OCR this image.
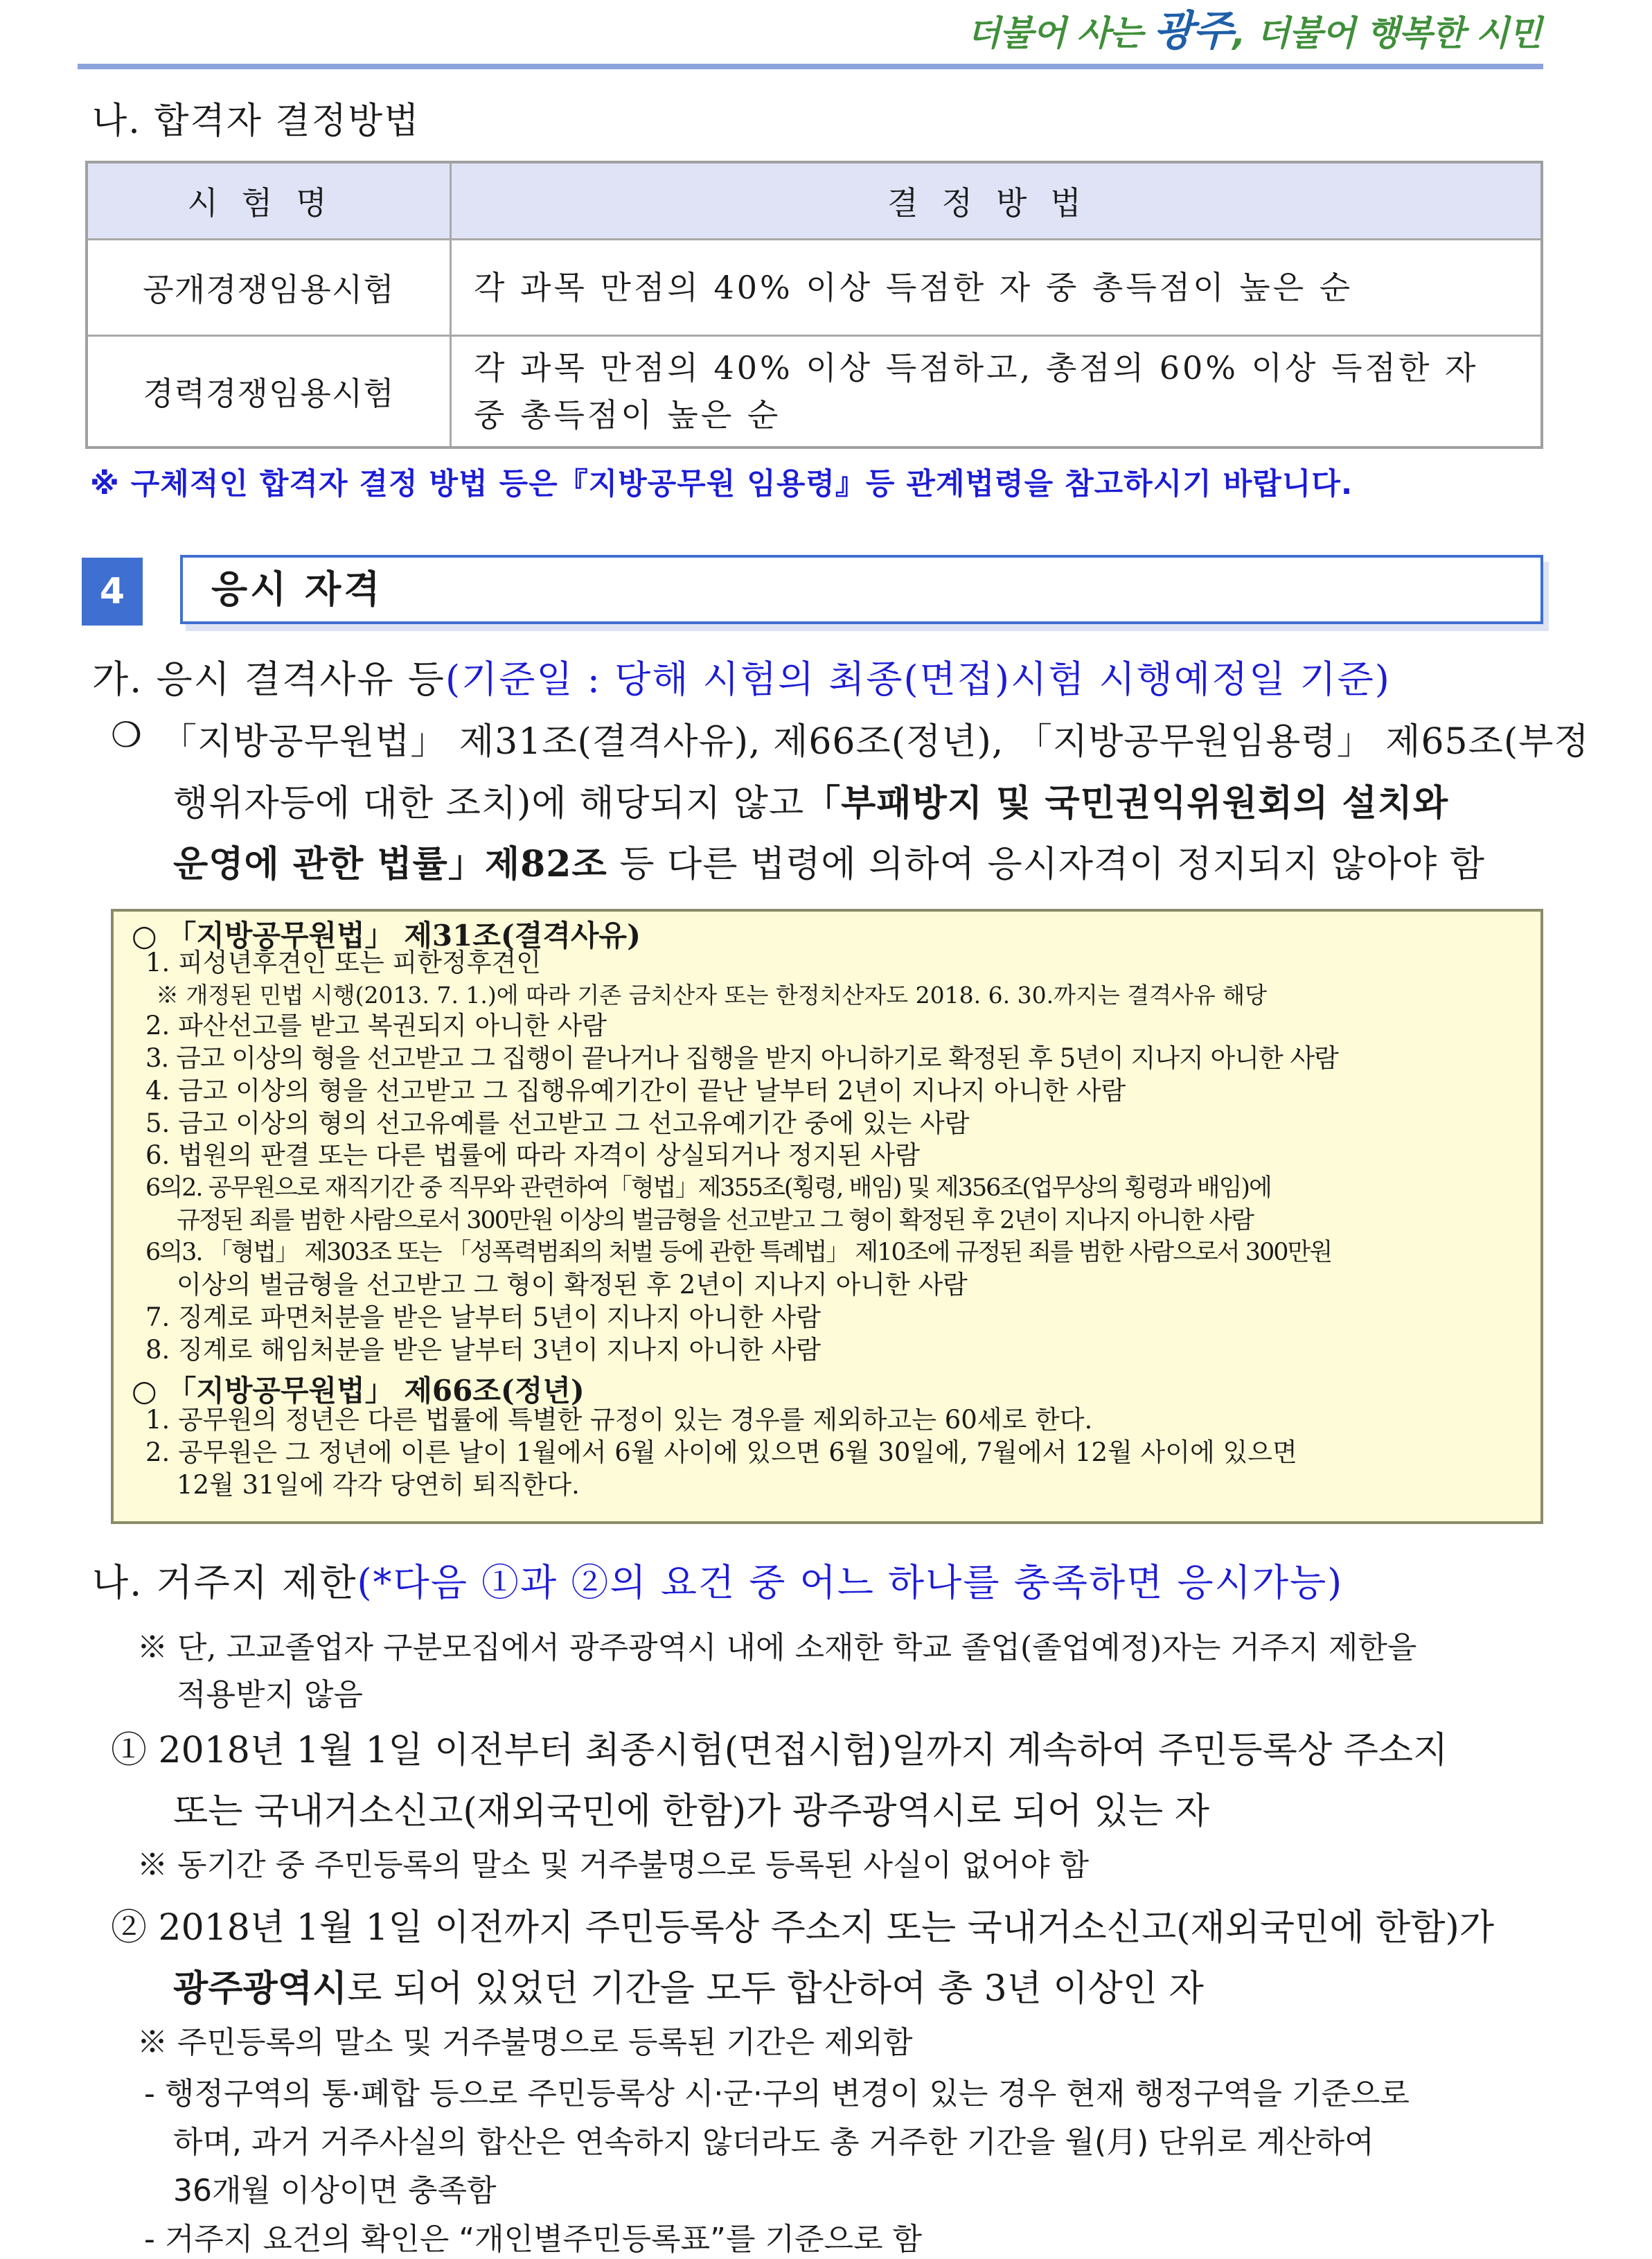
더불어 사는 광주, 더불어 행복한 시민
나. 합격자 결정방법
시험명	결정방법
공개경쟁임용시험	각 과목 만점의 40% 이상 득점한 자 중 총득점이 높은 순
경력경쟁임용시험	각 과목 만점의 40% 이상 득점하고, 총점의 60% 이상 득점한 자
중 총득점이 높은 순
※ 구체적인 합격자 결정 방법 등은『지방공무원 임용령』등 관계법령을 참고하시기 바랍니다.
4	응시 자격
가. 응시 결격사유 등(기준일 : 당해 시험의 최종(면접)시험 시행예정일 기준)
❍ 「지방공무원법」 제31조(결격사유), 제66조(정년), 「지방공무원임용령」 제65조(부정
행위자등에 대한 조치)에 해당되지 않고「부패방지 및 국민권익위원회의 설치와
운영에 관한 법률」제82조 등 다른 법령에 의하여 응시자격이 정지되지 않아야 함
○ 「지방공무원법」 제31조(결격사유)
1. 피성년후견인 또는 피한정후견인
※ 개정된 민법 시행(2013. 7. 1.)에 따라 기존 금치산자 또는 한정치산자도 2018. 6. 30.까지는 결격사유 해당
2. 파산선고를 받고 복권되지 아니한 사람
3. 금고 이상의 형을 선고받고 그 집행이 끝나거나 집행을 받지 아니하기로 확정된 후 5년이 지나지 아니한 사람
4. 금고 이상의 형을 선고받고 그 집행유예기간이 끝난 날부터 2년이 지나지 아니한 사람
5. 금고 이상의 형의 선고유예를 선고받고 그 선고유예기간 중에 있는 사람
6. 법원의 판결 또는 다른 법률에 따라 자격이 상실되거나 정지된 사람
6의2. 공무원으로 재직기간 중 직무와 관련하여「형법」제355조(횡령, 배임) 및 제356조(업무상의 횡령과 배임)에
규정된 죄를 범한 사람으로서 300만원 이상의 벌금형을 선고받고 그 형이 확정된 후 2년이 지나지 아니한 사람
6의3. 「형법」 제303조 또는 「성폭력범죄의 처벌 등에 관한 특례법」 제10조에 규정된 죄를 범한 사람으로서 300만원
이상의 벌금형을 선고받고 그 형이 확정된 후 2년이 지나지 아니한 사람
7. 징계로 파면처분을 받은 날부터 5년이 지나지 아니한 사람
8. 징계로 해임처분을 받은 날부터 3년이 지나지 아니한 사람
○ 「지방공무원법」 제66조(정년)
1. 공무원의 정년은 다른 법률에 특별한 규정이 있는 경우를 제외하고는 60세로 한다.
2. 공무원은 그 정년에 이른 날이 1월에서 6월 사이에 있으면 6월 30일에, 7월에서 12월 사이에 있으면
12월 31일에 각각 당연히 퇴직한다.
나. 거주지 제한(*다음 ①과 ②의 요건 중 어느 하나를 충족하면 응시가능)
※ 단, 고교졸업자 구분모집에서 광주광역시 내에 소재한 학교 졸업(졸업예정)자는 거주지 제한을
적용받지 않음
① 2018년 1월 1일 이전부터 최종시험(면접시험)일까지 계속하여 주민등록상 주소지
또는 국내거소신고(재외국민에 한함)가 광주광역시로 되어 있는 자
※ 동기간 중 주민등록의 말소 및 거주불명으로 등록된 사실이 없어야 함
② 2018년 1월 1일 이전까지 주민등록상 주소지 또는 국내거소신고(재외국민에 한함)가
광주광역시로 되어 있었던 기간을 모두 합산하여 총 3년 이상인 자
※ 주민등록의 말소 및 거주불명으로 등록된 기간은 제외함
- 행정구역의 통·폐합 등으로 주민등록상 시·군·구의 변경이 있는 경우 현재 행정구역을 기준으로
하며, 과거 거주사실의 합산은 연속하지 않더라도 총 거주한 기간을 월(月) 단위로 계산하여
36개월 이상이면 충족함
- 거주지 요건의 확인은 “개인별주민등록표”를 기준으로 함
